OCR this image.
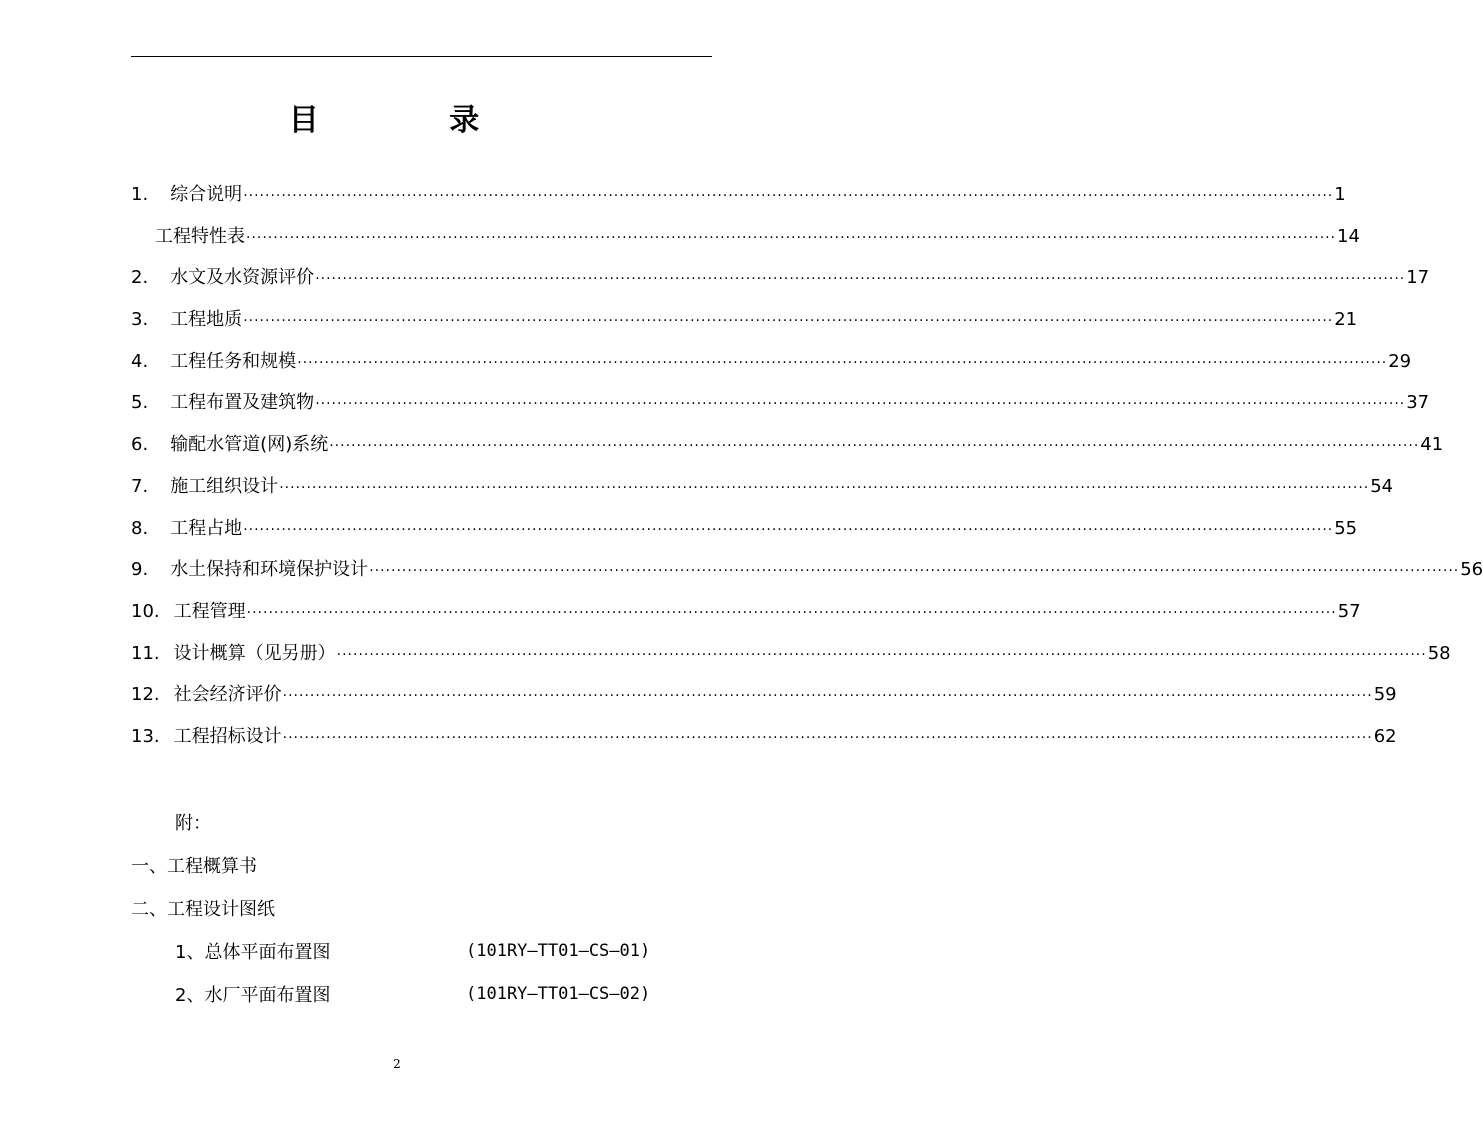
目 录
1. 综合说明 ········································································································································································································ 1
工程特性表 ········································································································································································································ 14
2. 水文及水资源评价 ········································································································································································································ 17
3. 工程地质 ········································································································································································································ 21
4. 工程任务和规模 ········································································································································································································ 29
5. 工程布置及建筑物 ········································································································································································································ 37
6. 输配水管道(网)系统 ········································································································································································································ 41
7. 施工组织设计 ········································································································································································································ 54
8. 工程占地 ········································································································································································································ 55
9. 水土保持和环境保护设计 ········································································································································································································ 56
10. 工程管理 ········································································································································································································ 57
11. 设计概算（见另册） ········································································································································································································ 58
12. 社会经济评价 ········································································································································································································ 59
13. 工程招标设计 ········································································································································································································ 62
附：
一、工程概算书
二、工程设计图纸
1、总体平面布置图	(101RY—TT01—CS—01)
2、水厂平面布置图	(101RY—TT01—CS—02)
2
